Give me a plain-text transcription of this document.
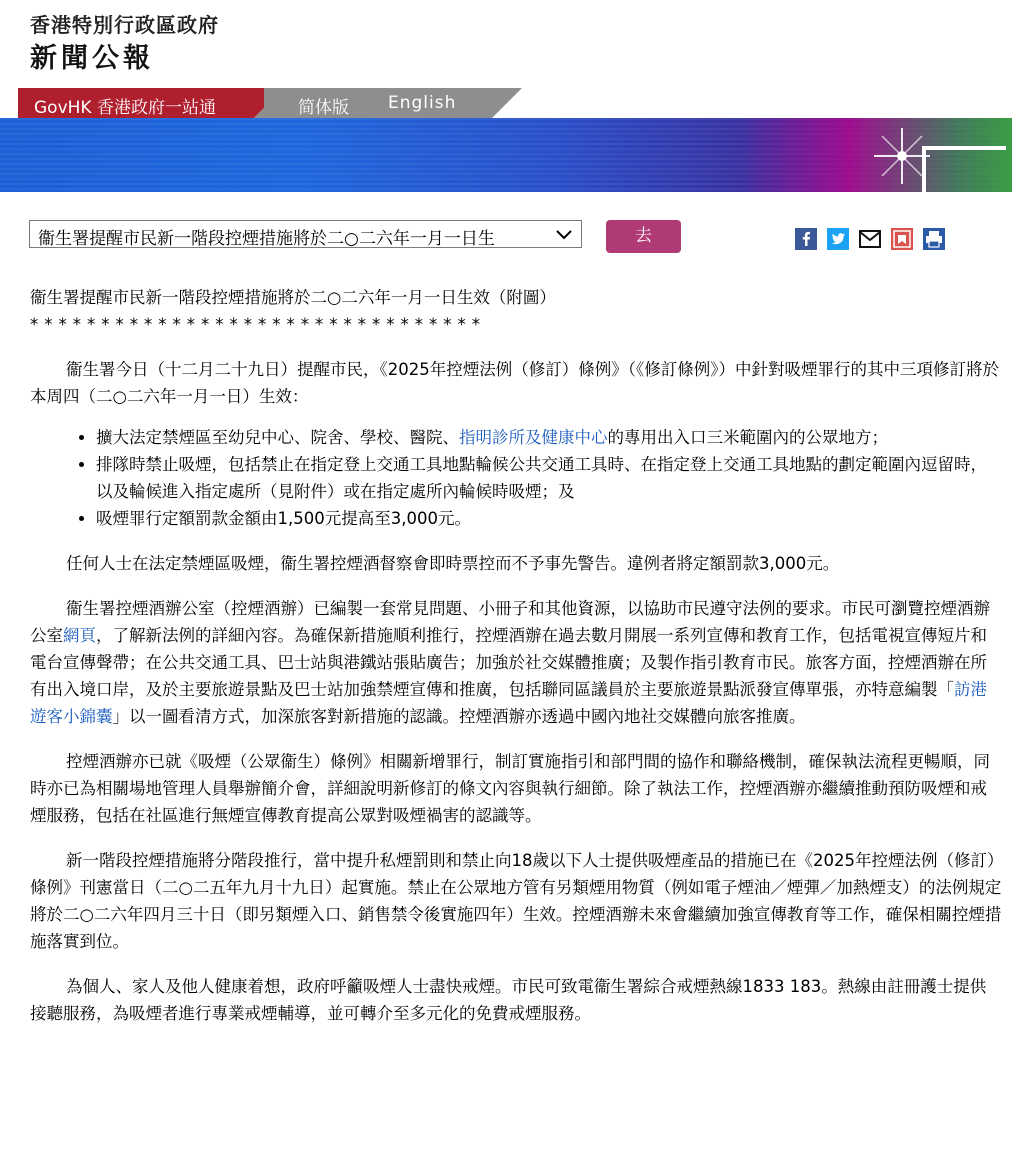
香港特別行政區政府
新聞公報
GovHK 香港政府一站通	简体版 English
衞生署提醒市民新一階段控煙措施將於二○二六年一月一日生	去

衞生署提醒市民新一階段控煙措施將於二○二六年一月一日生效（附圖）

********************************

衞生署今日（十二月二十九日）提醒市民，《2025年控煙法例（修訂）條例》（《修訂條例》）中針對吸煙罪行的其中三項修訂將於本周四（二○二六年一月一日）生效：

• 擴大法定禁煙區至幼兒中心、院舍、學校、醫院、指明診所及健康中心的專用出入口三米範圍內的公眾地方；
• 排隊時禁止吸煙，包括禁止在指定登上交通工具地點輪候公共交通工具時、在指定登上交通工具地點的劃定範圍內逗留時，以及輪候進入指定處所（見附件）或在指定處所內輪候時吸煙；及
• 吸煙罪行定額罰款金額由1,500元提高至3,000元。

任何人士在法定禁煙區吸煙，衞生署控煙酒督察會即時票控而不予事先警告。違例者將定額罰款3,000元。

衞生署控煙酒辦公室（控煙酒辦）已編製一套常見問題、小冊子和其他資源，以協助市民遵守法例的要求。市民可瀏覽控煙酒辦公室網頁，了解新法例的詳細內容。為確保新措施順利推行，控煙酒辦在過去數月開展一系列宣傳和教育工作，包括電視宣傳短片和電台宣傳聲帶；在公共交通工具、巴士站與港鐵站張貼廣告；加強於社交媒體推廣；及製作指引教育市民。旅客方面，控煙酒辦在所有出入境口岸，及於主要旅遊景點及巴士站加強禁煙宣傳和推廣，包括聯同區議員於主要旅遊景點派發宣傳單張，亦特意編製「訪港遊客小錦囊」以一圖看清方式，加深旅客對新措施的認識。控煙酒辦亦透過中國內地社交媒體向旅客推廣。

控煙酒辦亦已就《吸煙（公眾衞生）條例》相關新增罪行，制訂實施指引和部門間的協作和聯絡機制，確保執法流程更暢順，同時亦已為相關場地管理人員舉辦簡介會，詳細說明新修訂的條文內容與執行細節。除了執法工作，控煙酒辦亦繼續推動預防吸煙和戒煙服務，包括在社區進行無煙宣傳教育提高公眾對吸煙禍害的認識等。

新一階段控煙措施將分階段推行，當中提升私煙罰則和禁止向18歲以下人士提供吸煙產品的措施已在《2025年控煙法例（修訂）條例》刊憲當日（二○二五年九月十九日）起實施。禁止在公眾地方管有另類煙用物質（例如電子煙油／煙彈／加熱煙支）的法例規定將於二○二六年四月三十日（即另類煙入口、銷售禁令後實施四年）生效。控煙酒辦未來會繼續加強宣傳教育等工作，確保相關控煙措施落實到位。

為個人、家人及他人健康着想，政府呼籲吸煙人士盡快戒煙。市民可致電衞生署綜合戒煙熱線1833 183。熱線由註冊護士提供接聽服務，為吸煙者進行專業戒煙輔導，並可轉介至多元化的免費戒煙服務。
